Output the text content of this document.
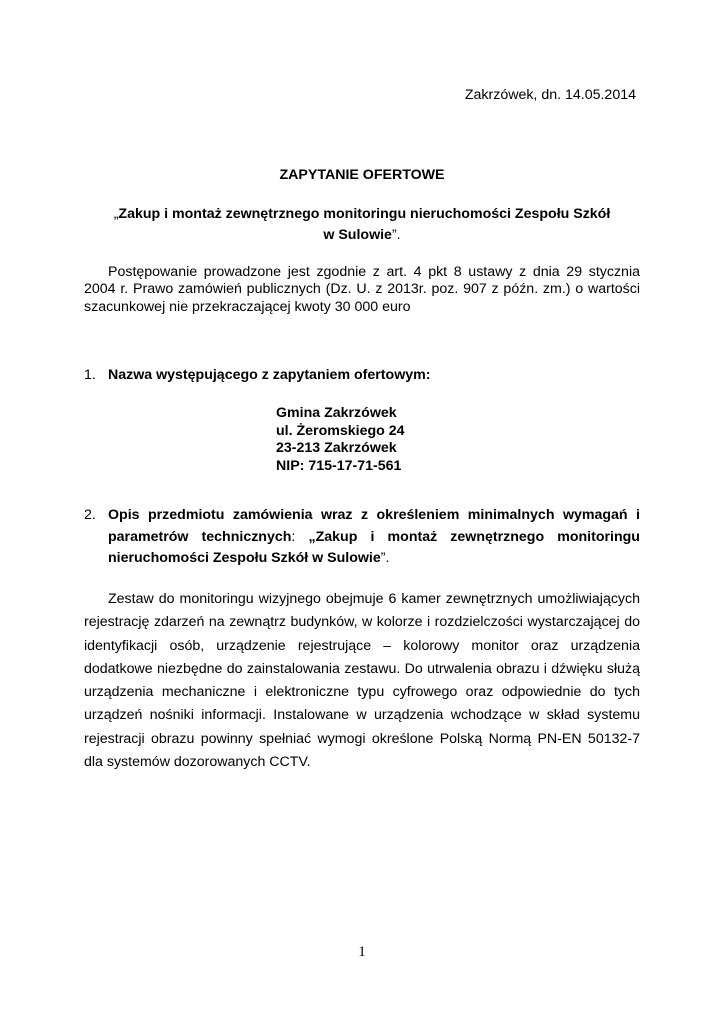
Zakrzówek, dn. 14.05.2014
ZAPYTANIE OFERTOWE
„Zakup i montaż zewnętrznego monitoringu nieruchomości Zespołu Szkół
w Sulowie”.
Postępowanie prowadzone jest zgodnie z art. 4 pkt 8 ustawy z dnia 29 stycznia 2004 r. Prawo zamówień publicznych (Dz. U. z 2013r. poz. 907 z późn. zm.) o wartości szacunkowej nie przekraczającej kwoty 30 000 euro
1. Nazwa występującego z zapytaniem ofertowym:
Gmina Zakrzówek
ul. Żeromskiego 24
23-213 Zakrzówek
NIP: 715-17-71-561
2. Opis przedmiotu zamówienia wraz z określeniem minimalnych wymagań i parametrów technicznych: „Zakup i montaż zewnętrznego monitoringu nieruchomości Zespołu Szkół w Sulowie”.
Zestaw do monitoringu wizyjnego obejmuje 6 kamer zewnętrznych umożliwiających rejestrację zdarzeń na zewnątrz budynków, w kolorze i rozdzielczości wystarczającej do identyfikacji osób, urządzenie rejestrujące – kolorowy monitor oraz urządzenia dodatkowe niezbędne do zainstalowania zestawu. Do utrwalenia obrazu i dźwięku służą urządzenia mechaniczne i elektroniczne typu cyfrowego oraz odpowiednie do tych urządzeń nośniki informacji. Instalowane w urządzenia wchodzące w skład systemu rejestracji obrazu powinny spełniać wymogi określone Polską Normą PN-EN 50132-7 dla systemów dozorowanych CCTV.
1
